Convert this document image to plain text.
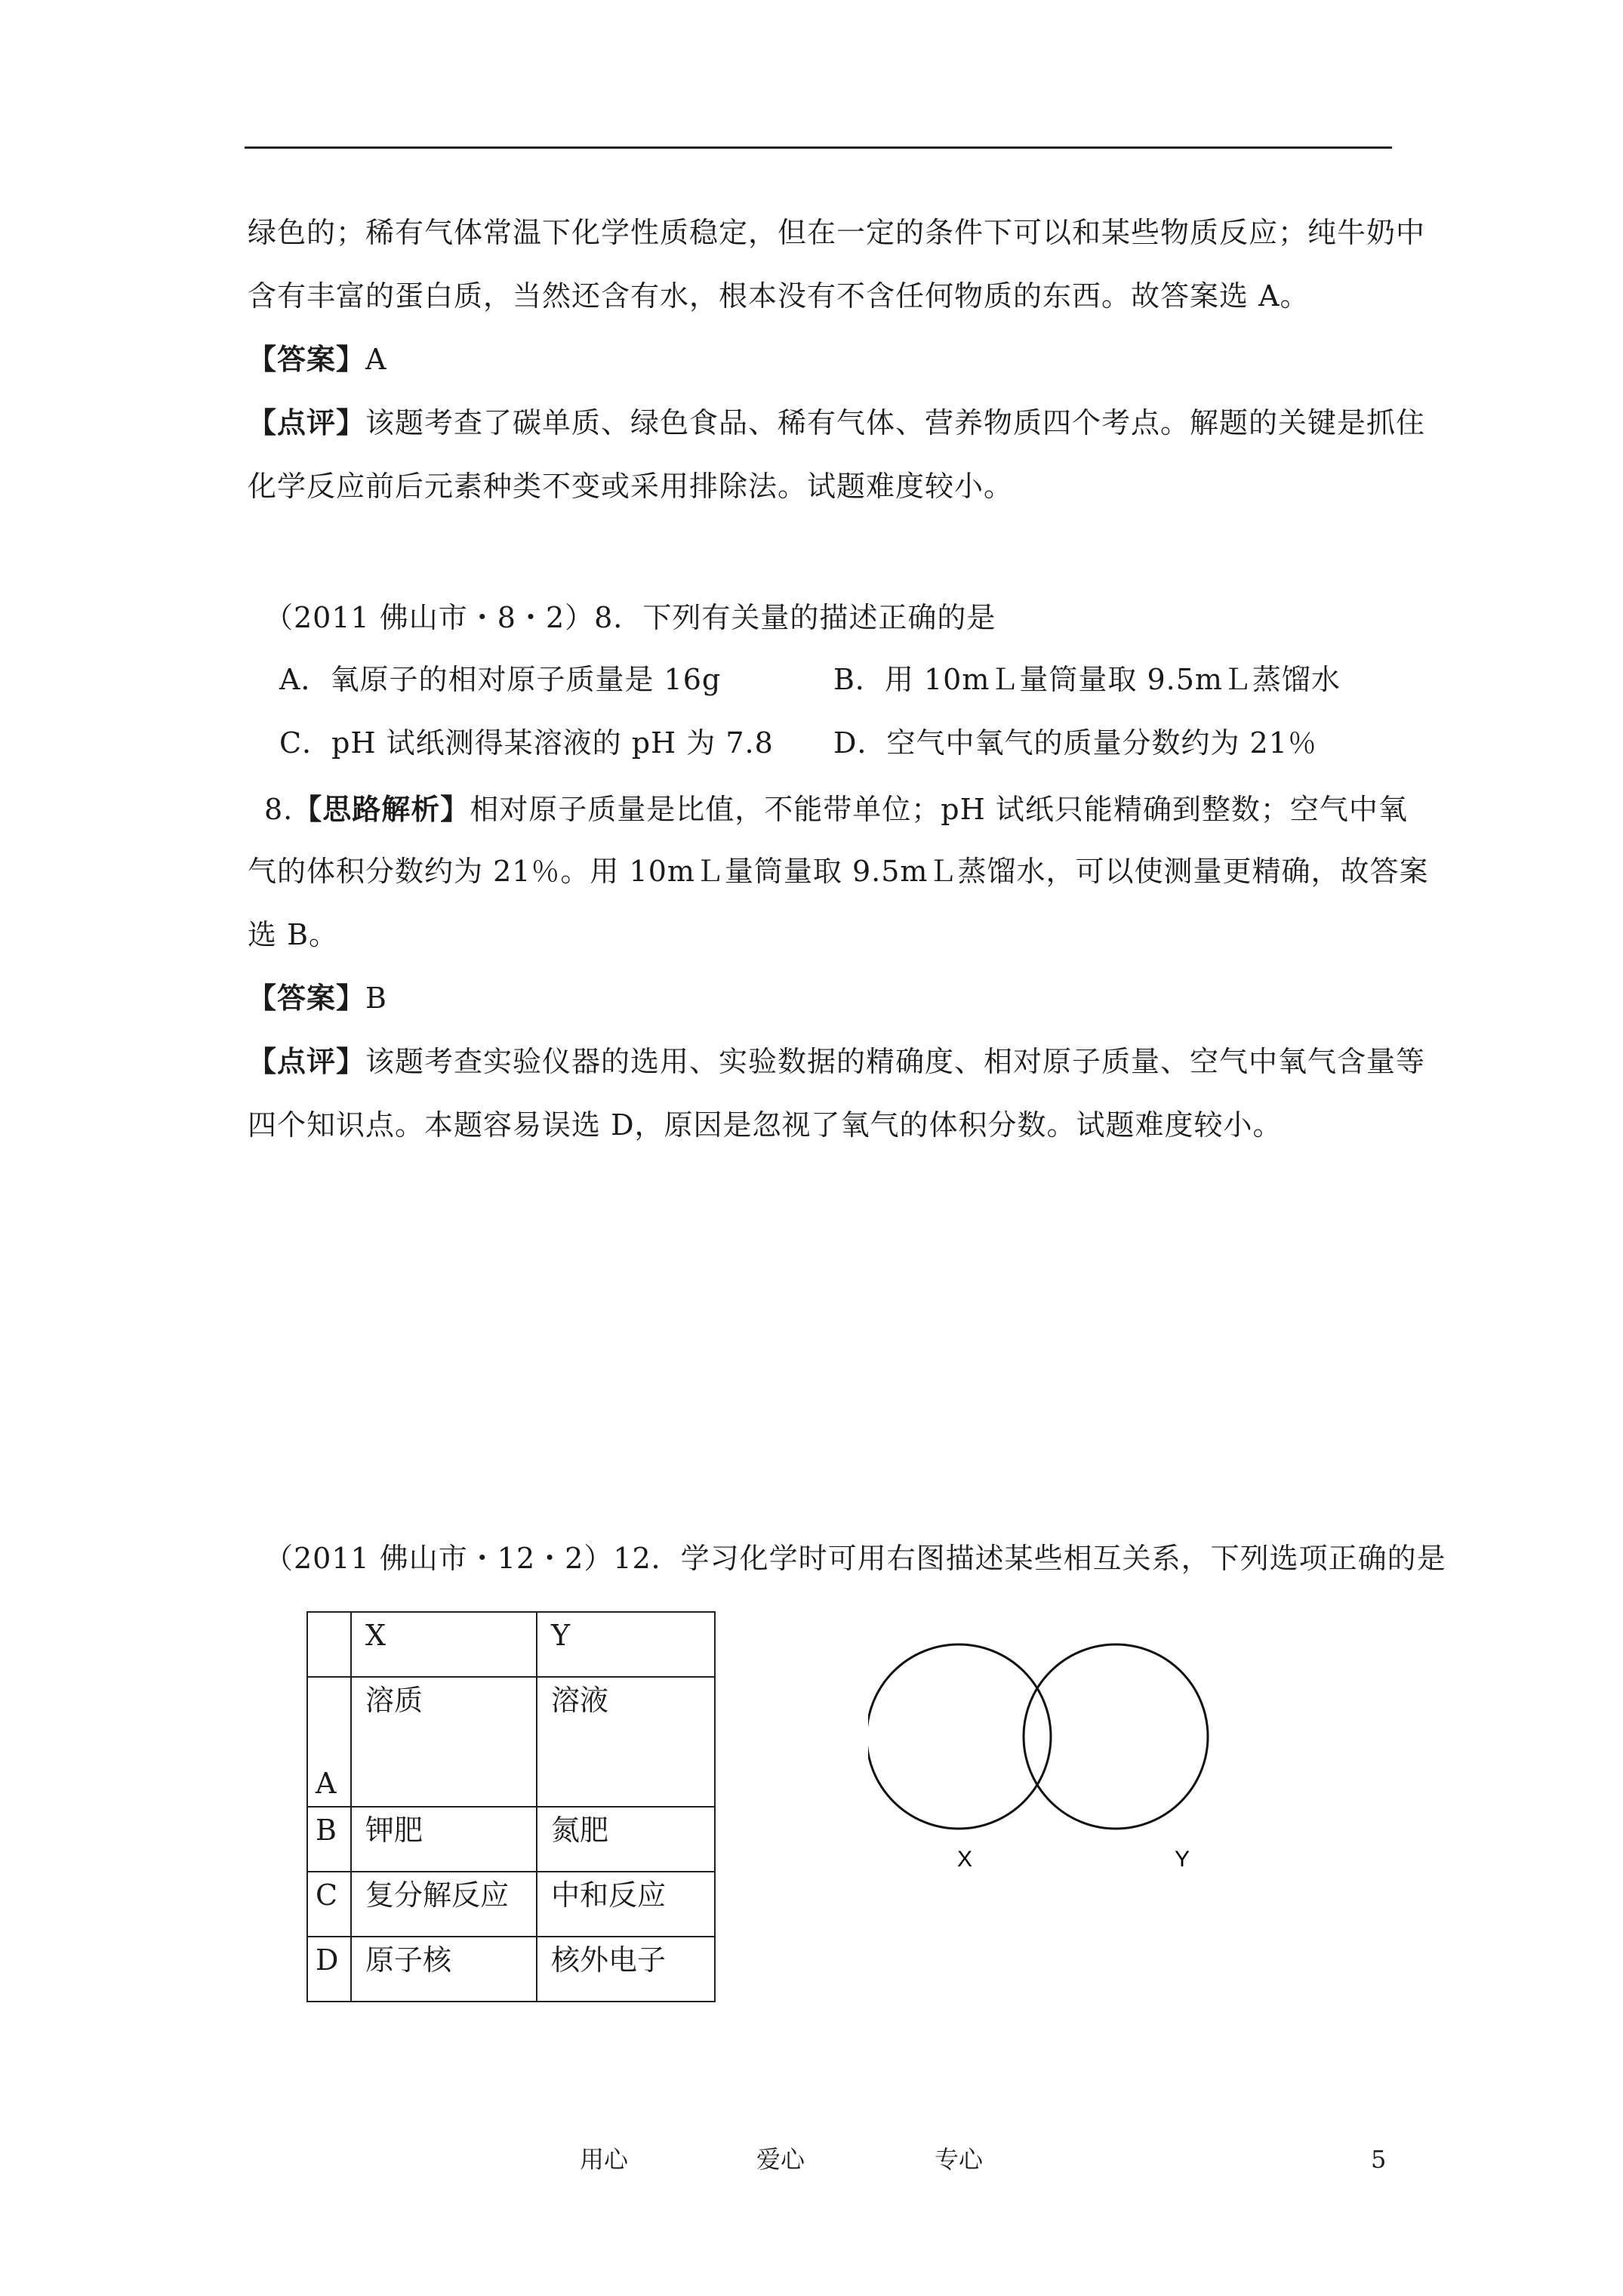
绿色的；稀有气体常温下化学性质稳定，但在一定的条件下可以和某些物质反应；纯牛奶中
含有丰富的蛋白质，当然还含有水，根本没有不含任何物质的东西。故答案选 A。
【答案】A
【点评】该题考查了碳单质、绿色食品、稀有气体、营养物质四个考点。解题的关键是抓住
化学反应前后元素种类不变或采用排除法。试题难度较小。
（2011 佛山市・8・2）8．下列有关量的描述正确的是
A．氧原子的相对原子质量是 16g	B．用 10mＬ量筒量取 9.5mＬ蒸馏水
C．pH 试纸测得某溶液的 pH 为 7.8 D．空气中氧气的质量分数约为 21％
8.【思路解析】相对原子质量是比值，不能带单位；pH 试纸只能精确到整数；空气中氧
气的体积分数约为 21％。用 10mＬ量筒量取 9.5mＬ蒸馏水，可以使测量更精确，故答案
选 B。
【答案】B
【点评】该题考查实验仪器的选用、实验数据的精确度、相对原子质量、空气中氧气含量等
四个知识点。本题容易误选 D，原因是忽视了氧气的体积分数。试题难度较小。
（2011 佛山市・12・2）12．学习化学时可用右图描述某些相互关系，下列选项正确的是
	X	Y
A	溶质	溶液
B	钾肥	氮肥
C	复分解反应	中和反应
D	原子核	核外电子
X	Y
用心	爱心	专心	5
